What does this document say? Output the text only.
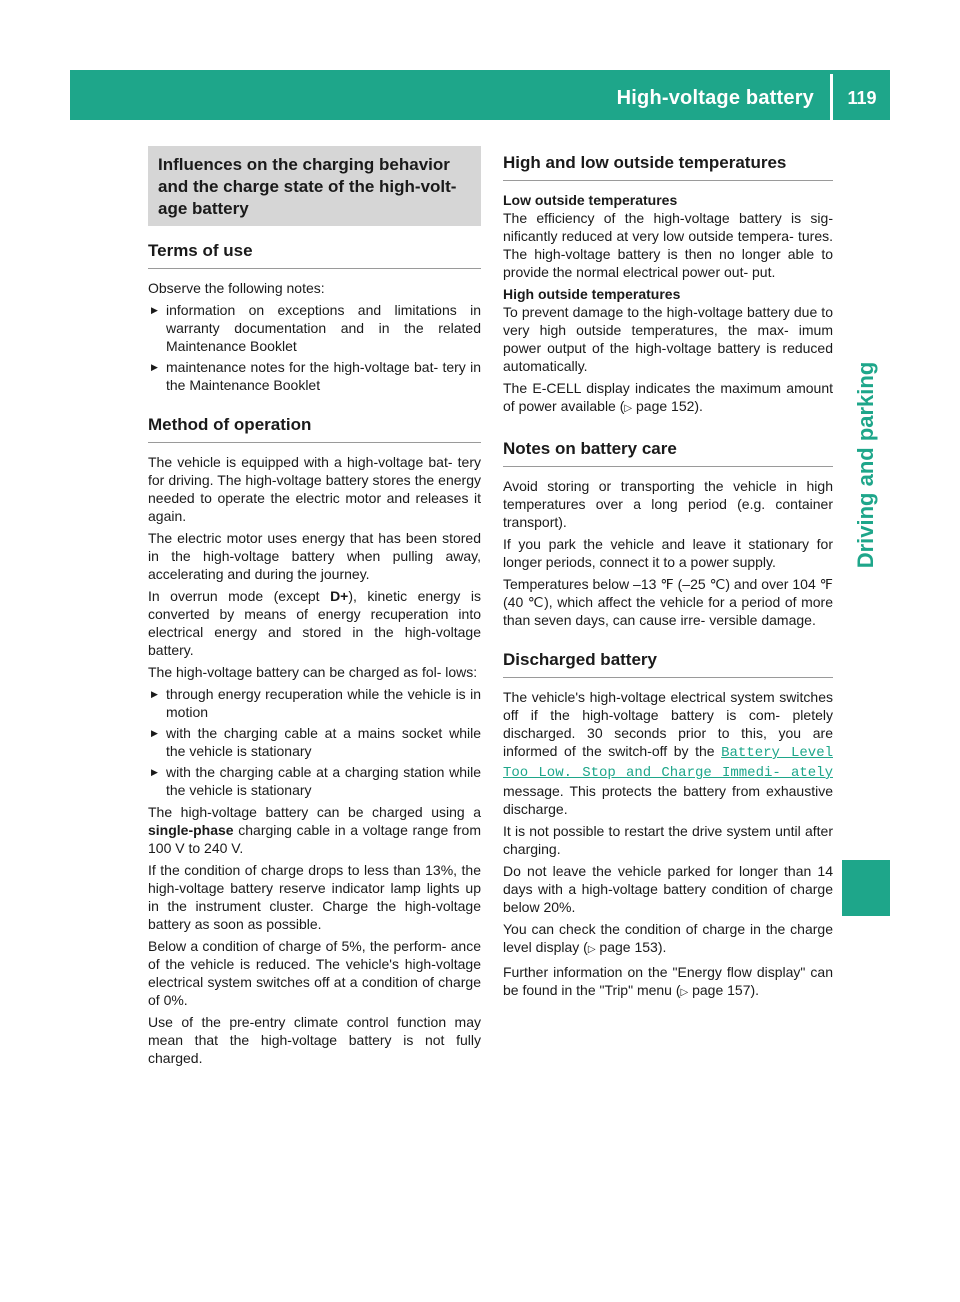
High-voltage battery	119
Driving and parking
Influences on the charging behavior and the charge state of the high-volt- age battery
Terms of use

Observe the following notes:

▶ information on exceptions and limitations in warranty documentation and in the related Maintenance Booklet
▶ maintenance notes for the high-voltage bat- tery in the Maintenance Booklet
Method of operation

The vehicle is equipped with a high-voltage bat- tery for driving. The high-voltage battery stores the energy needed to operate the electric motor and releases it again.

The electric motor uses energy that has been stored in the high-voltage battery when pulling away, accelerating and during the journey.

In overrun mode (except D+), kinetic energy is converted by means of energy recuperation into electrical energy and stored in the high-voltage battery.

The high-voltage battery can be charged as fol- lows:

▶ through energy recuperation while the vehicle is in motion
▶ with the charging cable at a mains socket while the vehicle is stationary
▶ with the charging cable at a charging station while the vehicle is stationary

The high-voltage battery can be charged using a single-phase charging cable in a voltage range from 100 V to 240 V.

If the condition of charge drops to less than 13%, the high-voltage battery reserve indicator lamp lights up in the instrument cluster. Charge the high-voltage battery as soon as possible.

Below a condition of charge of 5%, the perform- ance of the vehicle is reduced. The vehicle's high-voltage electrical system switches off at a condition of charge of 0%.

Use of the pre-entry climate control function may mean that the high-voltage battery is not fully charged.

High and low outside temperatures
Low outside temperatures

The efficiency of the high-voltage battery is sig- nificantly reduced at very low outside tempera- tures. The high-voltage battery is then no longer able to provide the normal electrical power out- put.

High outside temperatures

To prevent damage to the high-voltage battery due to very high outside temperatures, the max- imum power output of the high-voltage battery is reduced automatically.

The E-CELL display indicates the maximum amount of power available (▷ page 152).

Notes on battery care

Avoid storing or transporting the vehicle in high temperatures over a long period (e.g. container transport).

If you park the vehicle and leave it stationary for longer periods, connect it to a power supply.

Temperatures below –13 ℉ (–25 ℃) and over 104 ℉ (40 ℃), which affect the vehicle for a period of more than seven days, can cause irre- versible damage.

Discharged battery

The vehicle's high-voltage electrical system switches off if the high-voltage battery is com- pletely discharged. 30 seconds prior to this, you are informed of the switch-off by the Battery Level Too Low. Stop and Charge Immedi‐ ately message. This protects the battery from exhaustive discharge.

It is not possible to restart the drive system until after charging.

Do not leave the vehicle parked for longer than 14 days with a high-voltage battery condition of charge below 20%.

You can check the condition of charge in the charge level display (▷ page 153).

Further information on the "Energy flow display" can be found in the "Trip" menu (▷ page 157).
